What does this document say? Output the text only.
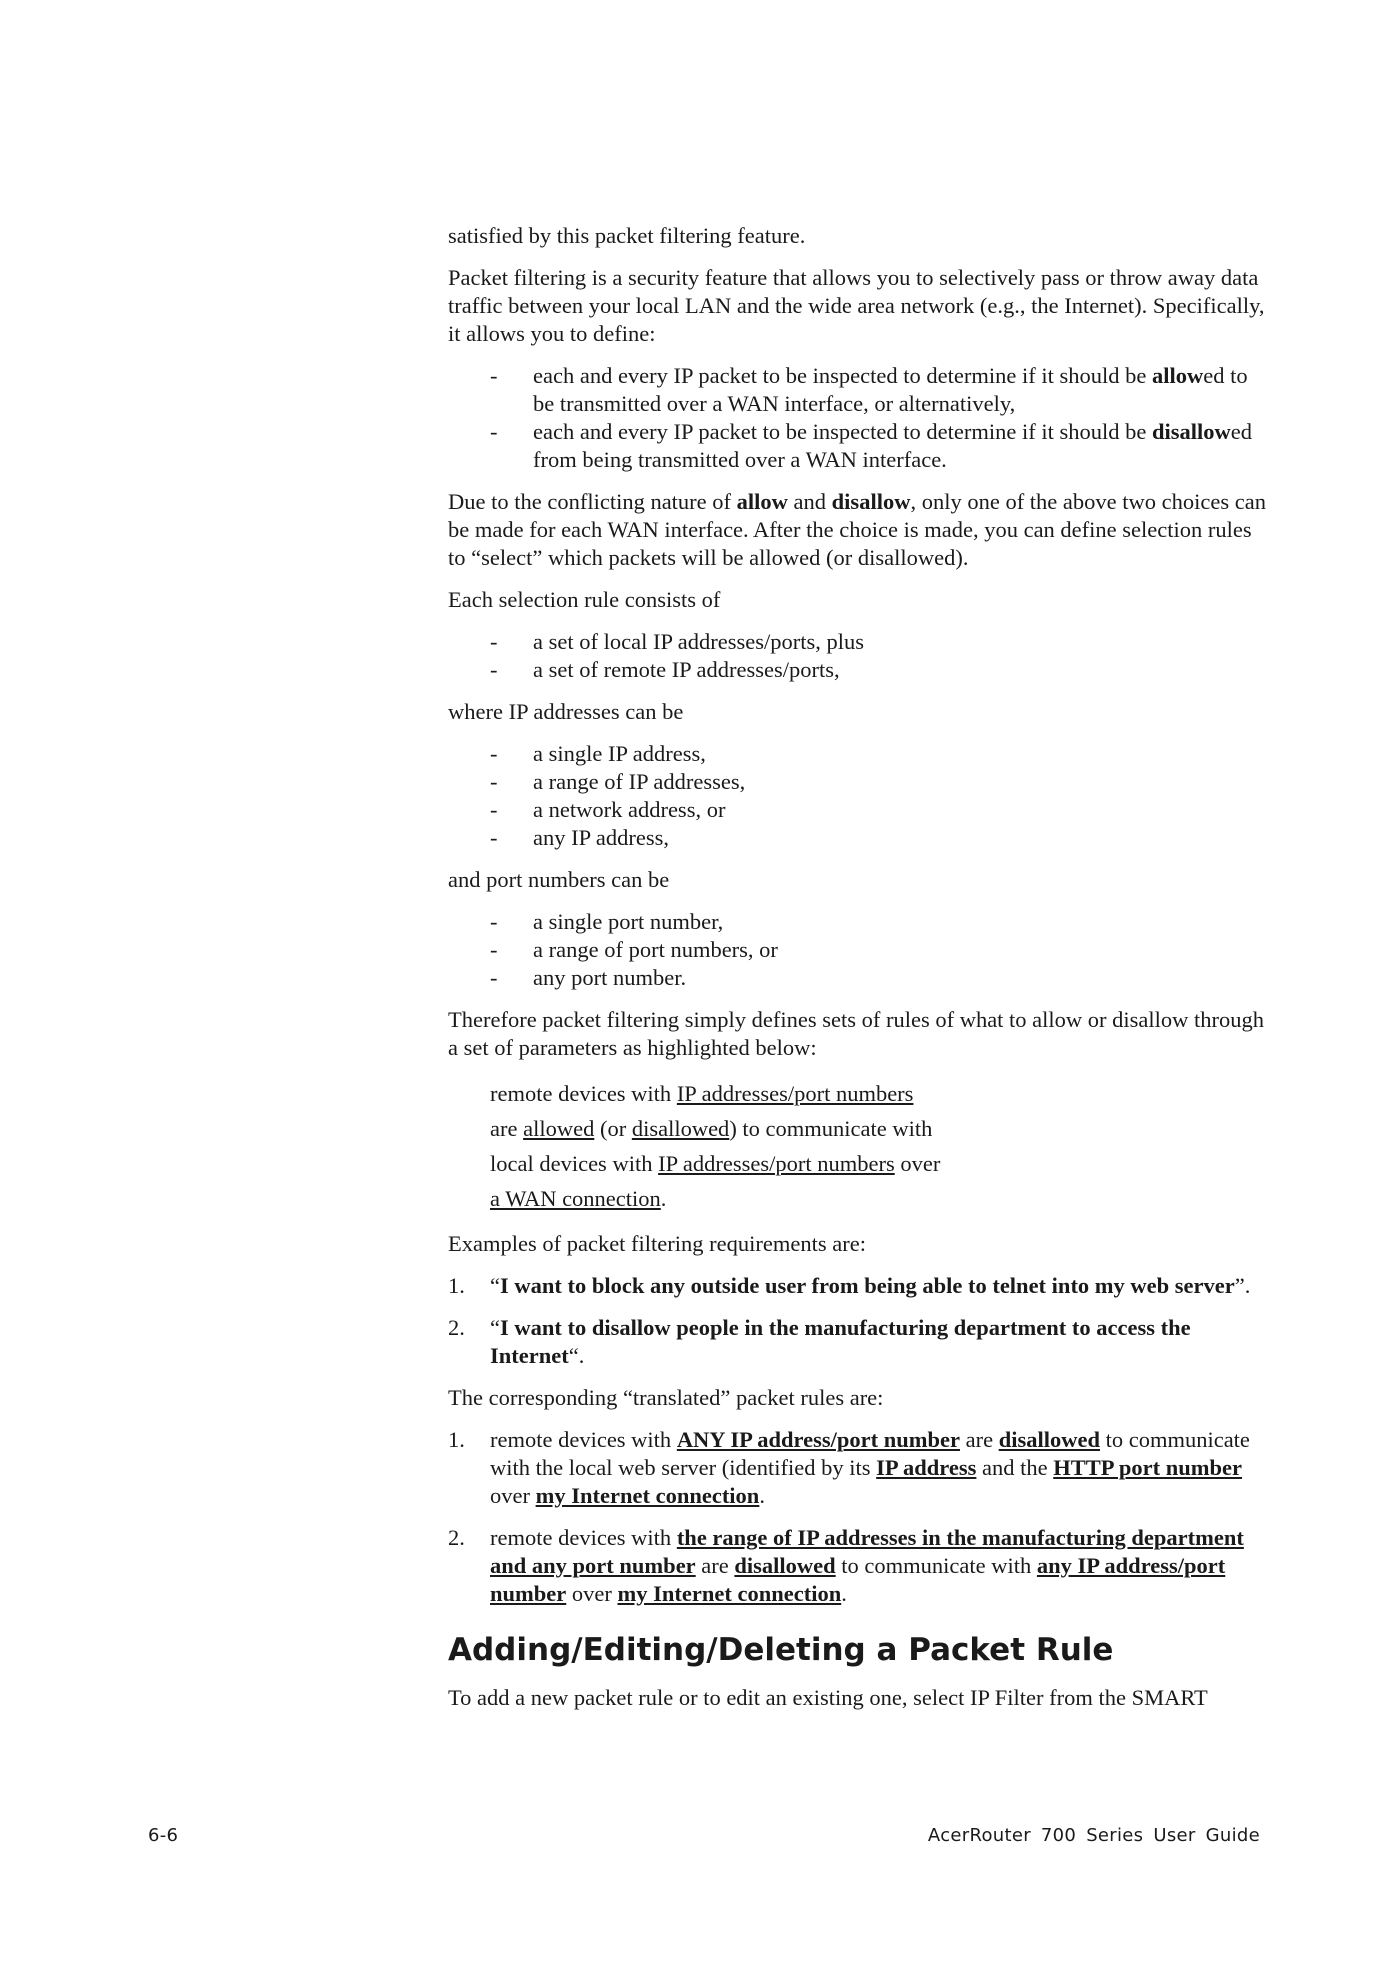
satisfied by this packet filtering feature.

Packet filtering is a security feature that allows you to selectively pass or throw away data traffic between your local LAN and the wide area network (e.g., the Internet). Specifically, it allows you to define:

- each and every IP packet to be inspected to determine if it should be allowed to be transmitted over a WAN interface, or alternatively,
- each and every IP packet to be inspected to determine if it should be disallowed from being transmitted over a WAN interface.

Due to the conflicting nature of allow and disallow, only one of the above two choices can be made for each WAN interface. After the choice is made, you can define selection rules to “select” which packets will be allowed (or disallowed).

Each selection rule consists of

- a set of local IP addresses/ports, plus
- a set of remote IP addresses/ports,

where IP addresses can be

- a single IP address,
- a range of IP addresses,
- a network address, or
- any IP address,

and port numbers can be

- a single port number,
- a range of port numbers, or
- any port number.

Therefore packet filtering simply defines sets of rules of what to allow or disallow through a set of parameters as highlighted below:

remote devices with IP addresses/port numbers
are allowed (or disallowed) to communicate with
local devices with IP addresses/port numbers over
a WAN connection.

Examples of packet filtering requirements are:

1. “I want to block any outside user from being able to telnet into my web server”.
2. “I want to disallow people in the manufacturing department to access the Internet“.

The corresponding “translated” packet rules are:

1. remote devices with ANY IP address/port number are disallowed to communicate with the local web server (identified by its IP address and the HTTP port number over my Internet connection.
2. remote devices with the range of IP addresses in the manufacturing department and any port number are disallowed to communicate with any IP address/port number over my Internet connection.
Adding/Editing/Deleting a Packet Rule

To add a new packet rule or to edit an existing one, select IP Filter from the SMART

6-6	AcerRouter 700 Series User Guide
